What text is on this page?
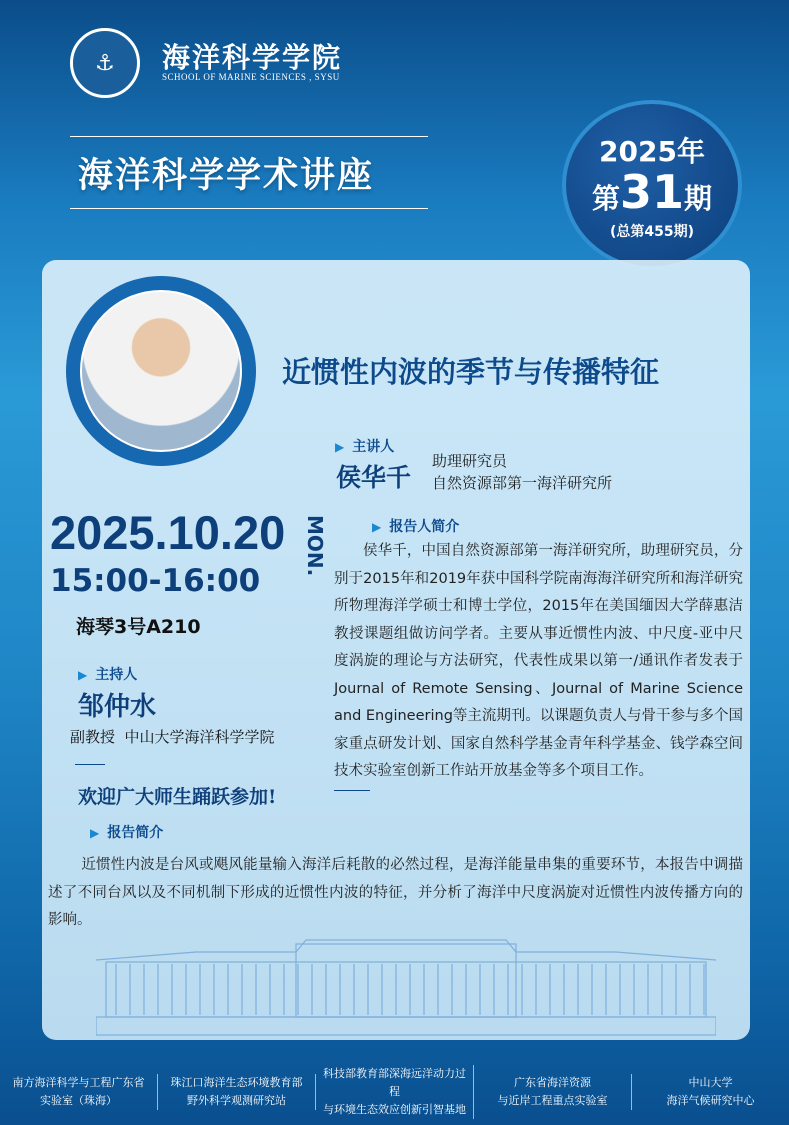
⚓	海洋科学学院
SCHOOL OF MARINE SCIENCES , SYSU
海洋科学学术讲座
2025年
第31期
(总第455期)
近惯性内波的季节与传播特征
▶ 主讲人
侯华千
助理研究员
自然资源部第一海洋研究所
▶ 报告人简介
侯华千，中国自然资源部第一海洋研究所，助理研究员，分别于2015年和2019年获中国科学院南海海洋研究所和海洋研究所物理海洋学硕士和博士学位，2015年在美国缅因大学薛惠洁教授课题组做访问学者。主要从事近惯性内波、中尺度-亚中尺度涡旋的理论与方法研究，代表性成果以第一/通讯作者发表于Journal of Remote Sensing、Journal of Marine Science and Engineering等主流期刊。以课题负责人与骨干参与多个国家重点研发计划、国家自然科学基金青年科学基金、钱学森空间技术实验室创新工作站开放基金等多个项目工作。
2025.10.20 MON.
15:00-16:00
海琴3号A210
▶ 主持人
邹仲水
副教授  中山大学海洋科学学院
欢迎广大师生踊跃参加!
▶ 报告简介
近惯性内波是台风或飓风能量输入海洋后耗散的必然过程，是海洋能量串集的重要环节，本报告中调描述了不同台风以及不同机制下形成的近惯性内波的特征，并分析了海洋中尺度涡旋对近惯性内波传播方向的影响。
南方海洋科学与工程广东省
实验室（珠海）
珠江口海洋生态环境教育部
野外科学观测研究站
科技部教育部深海远洋动力过程
与环境生态效应创新引智基地
广东省海洋资源
与近岸工程重点实验室
中山大学
海洋气候研究中心
